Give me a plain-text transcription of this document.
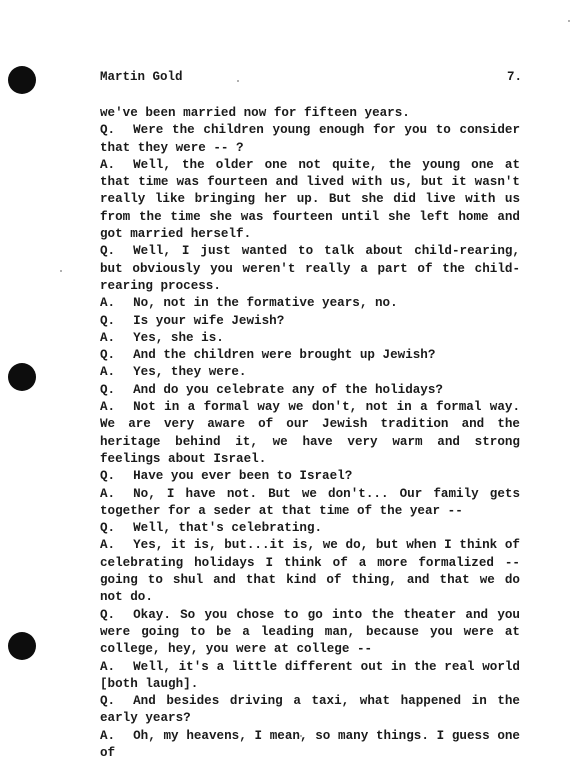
Martin Gold	7.

we've been married now for fifteen years.

Q. Were the children young enough for you to consider that they were -- ?

A. Well, the older one not quite, the young one at that time was fourteen and lived with us, but it wasn't really like bringing her up. But she did live with us from the time she was fourteen until she left home and got married herself.

Q. Well, I just wanted to talk about child-rearing, but obviously you weren't really a part of the child-rearing process.

A. No, not in the formative years, no.

Q. Is your wife Jewish?

A. Yes, she is.

Q. And the children were brought up Jewish?

A. Yes, they were.

Q. And do you celebrate any of the holidays?

A. Not in a formal way we don't, not in a formal way. We are very aware of our Jewish tradition and the heritage behind it, we have very warm and strong feelings about Israel.

Q. Have you ever been to Israel?

A. No, I have not. But we don't... Our family gets together for a seder at that time of the year --

Q. Well, that's celebrating.

A. Yes, it is, but...it is, we do, but when I think of celebrating holidays I think of a more formalized -- going to shul and that kind of thing, and that we do not do.

Q. Okay. So you chose to go into the theater and you were going to be a leading man, because you were at college, hey, you were at college --

A. Well, it's a little different out in the real world [both laugh].

Q. And besides driving a taxi, what happened in the early years?

A. Oh, my heavens, I mean, so many things. I guess one of
